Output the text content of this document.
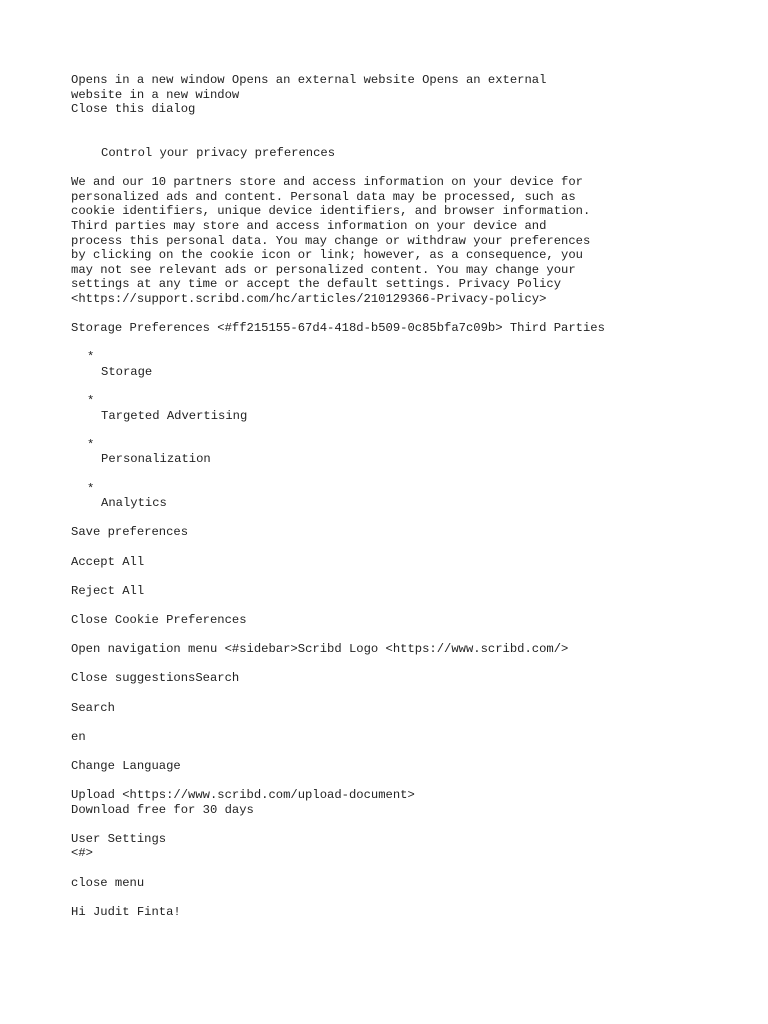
Opens in a new window Opens an external website Opens an external
website in a new window
Close this dialog
Control your privacy preferences
We and our 10 partners store and access information on your device for
personalized ads and content. Personal data may be processed, such as
cookie identifiers, unique device identifiers, and browser information.
Third parties may store and access information on your device and
process this personal data. You may change or withdraw your preferences
by clicking on the cookie icon or link; however, as a consequence, you
may not see relevant ads or personalized content. You may change your
settings at any time or accept the default settings. Privacy Policy
<https://support.scribd.com/hc/articles/210129366-Privacy-policy>
Storage Preferences <#ff215155-67d4-418d-b509-0c85bfa7c09b> Third Parties
*
Storage
*
Targeted Advertising
*
Personalization
*
Analytics
Save preferences
Accept All
Reject All
Close Cookie Preferences
Open navigation menu <#sidebar>Scribd Logo <https://www.scribd.com/>
Close suggestionsSearch
Search
en
Change Language
Upload <https://www.scribd.com/upload-document>
Download free for 30 days
User Settings
<#>
close menu
Hi Judit Finta!
